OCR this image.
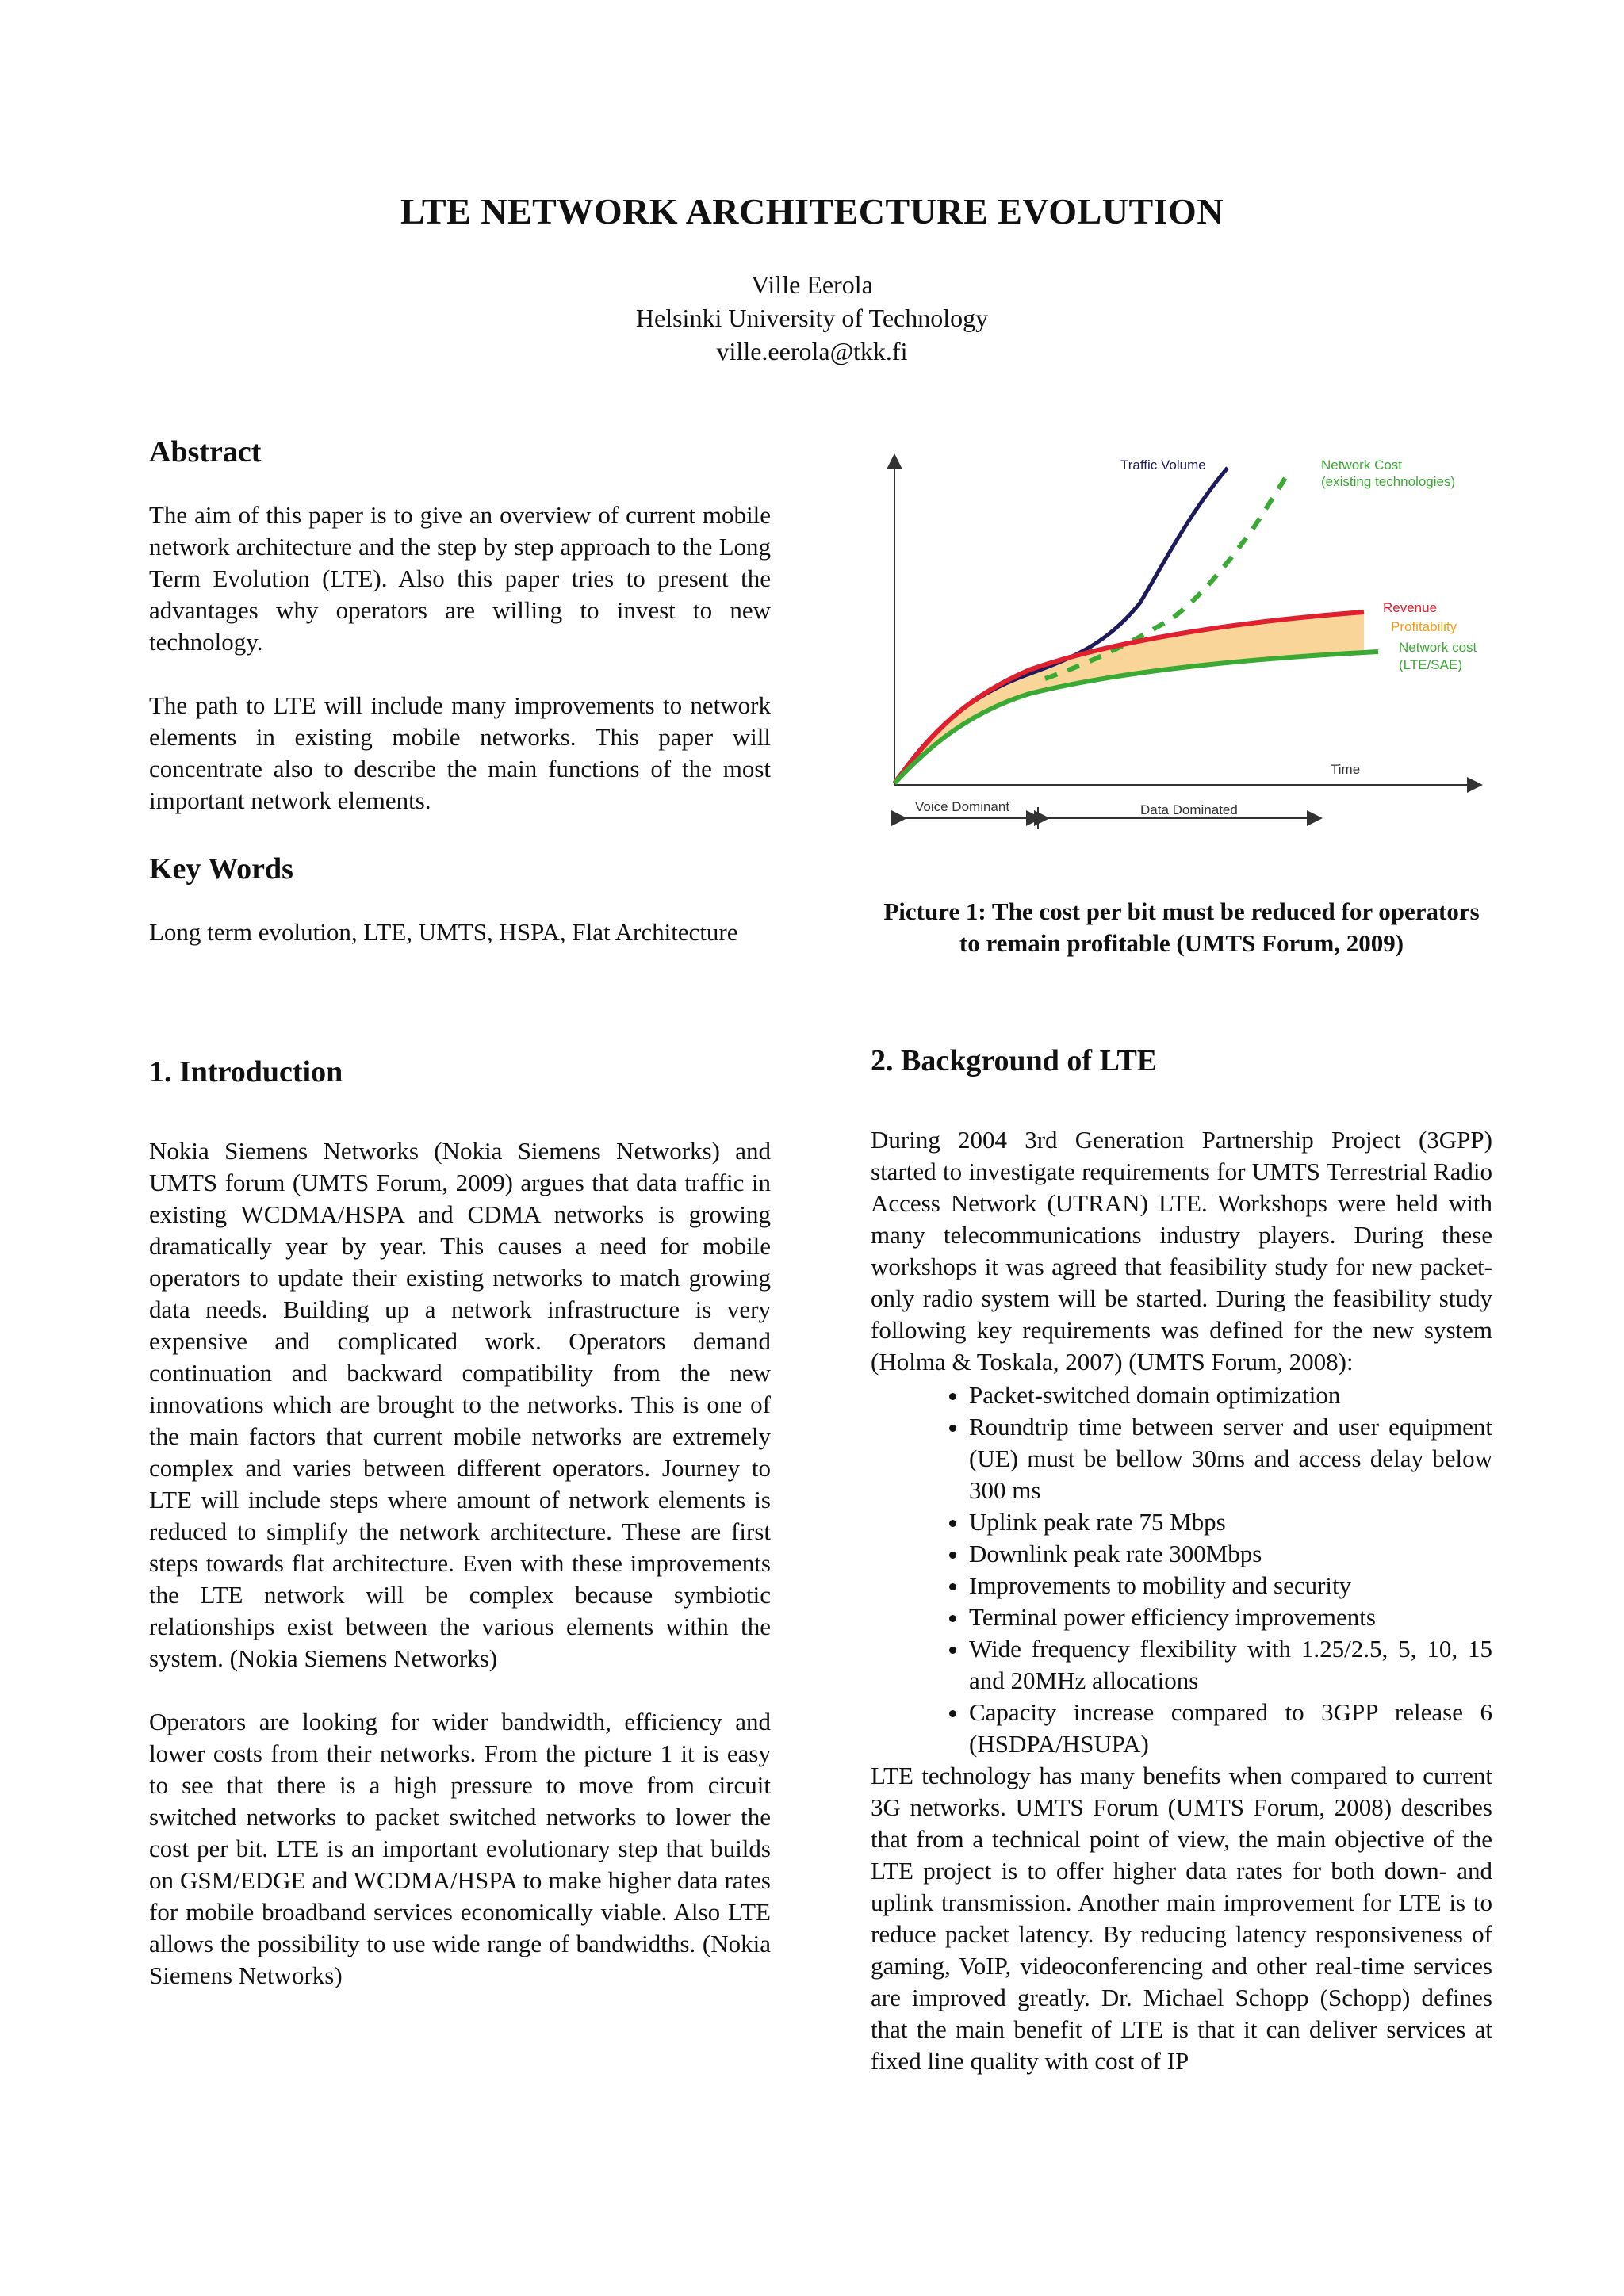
LTE NETWORK ARCHITECTURE EVOLUTION
Ville Eerola
Helsinki University of Technology
ville.eerola@tkk.fi
Abstract

The aim of this paper is to give an overview of current mobile network architecture and the step by step approach to the Long Term Evolution (LTE). Also this paper tries to present the advantages why operators are willing to invest to new technology.

The path to LTE will include many improvements to network elements in existing mobile networks. This paper will concentrate also to describe the main functions of the most important network elements.

Key Words

Long term evolution, LTE, UMTS, HSPA, Flat Architecture

1. Introduction

Nokia Siemens Networks (Nokia Siemens Networks) and UMTS forum (UMTS Forum, 2009) argues that data traffic in existing WCDMA/HSPA and CDMA networks is growing dramatically year by year. This causes a need for mobile operators to update their existing networks to match growing data needs. Building up a network infrastructure is very expensive and complicated work. Operators demand continuation and backward compatibility from the new innovations which are brought to the networks. This is one of the main factors that current mobile networks are extremely complex and varies between different operators. Journey to LTE will include steps where amount of network elements is reduced to simplify the network architecture. These are first steps towards flat architecture. Even with these improvements the LTE network will be complex because symbiotic relationships exist between the various elements within the system. (Nokia Siemens Networks)

Operators are looking for wider bandwidth, efficiency and lower costs from their networks. From the picture 1 it is easy to see that there is a high pressure to move from circuit switched networks to packet switched networks to lower the cost per bit. LTE is an important evolutionary step that builds on GSM/EDGE and WCDMA/HSPA to make higher data rates for mobile broadband services economically viable. Also LTE allows the possibility to use wide range of bandwidths. (Nokia Siemens Networks)

Traffic Volume	Network Cost
(existing technologies)
Revenue
Profitability
Network cost
(LTE/SAE)
Time
Voice Dominant	Data Dominated
Picture 1: The cost per bit must be reduced for operators to remain profitable (UMTS Forum, 2009)
2. Background of LTE

During 2004 3rd Generation Partnership Project (3GPP) started to investigate requirements for UMTS Terrestrial Radio Access Network (UTRAN) LTE. Workshops were held with many telecommunications industry players. During these workshops it was agreed that feasibility study for new packet-only radio system will be started. During the feasibility study following key requirements was defined for the new system (Holma & Toskala, 2007) (UMTS Forum, 2008):

• Packet-switched domain optimization
• Roundtrip time between server and user equipment (UE) must be bellow 30ms and access delay below 300 ms
• Uplink peak rate 75 Mbps
• Downlink peak rate 300Mbps
• Improvements to mobility and security
• Terminal power efficiency improvements
• Wide frequency flexibility with 1.25/2.5, 5, 10, 15 and 20MHz allocations
• Capacity increase compared to 3GPP release 6 (HSDPA/HSUPA)

LTE technology has many benefits when compared to current 3G networks. UMTS Forum (UMTS Forum, 2008) describes that from a technical point of view, the main objective of the LTE project is to offer higher data rates for both down- and uplink transmission. Another main improvement for LTE is to reduce packet latency. By reducing latency responsiveness of gaming, VoIP, videoconferencing and other real-time services are improved greatly. Dr. Michael Schopp (Schopp) defines that the main benefit of LTE is that it can deliver services at fixed line quality with cost of IP
